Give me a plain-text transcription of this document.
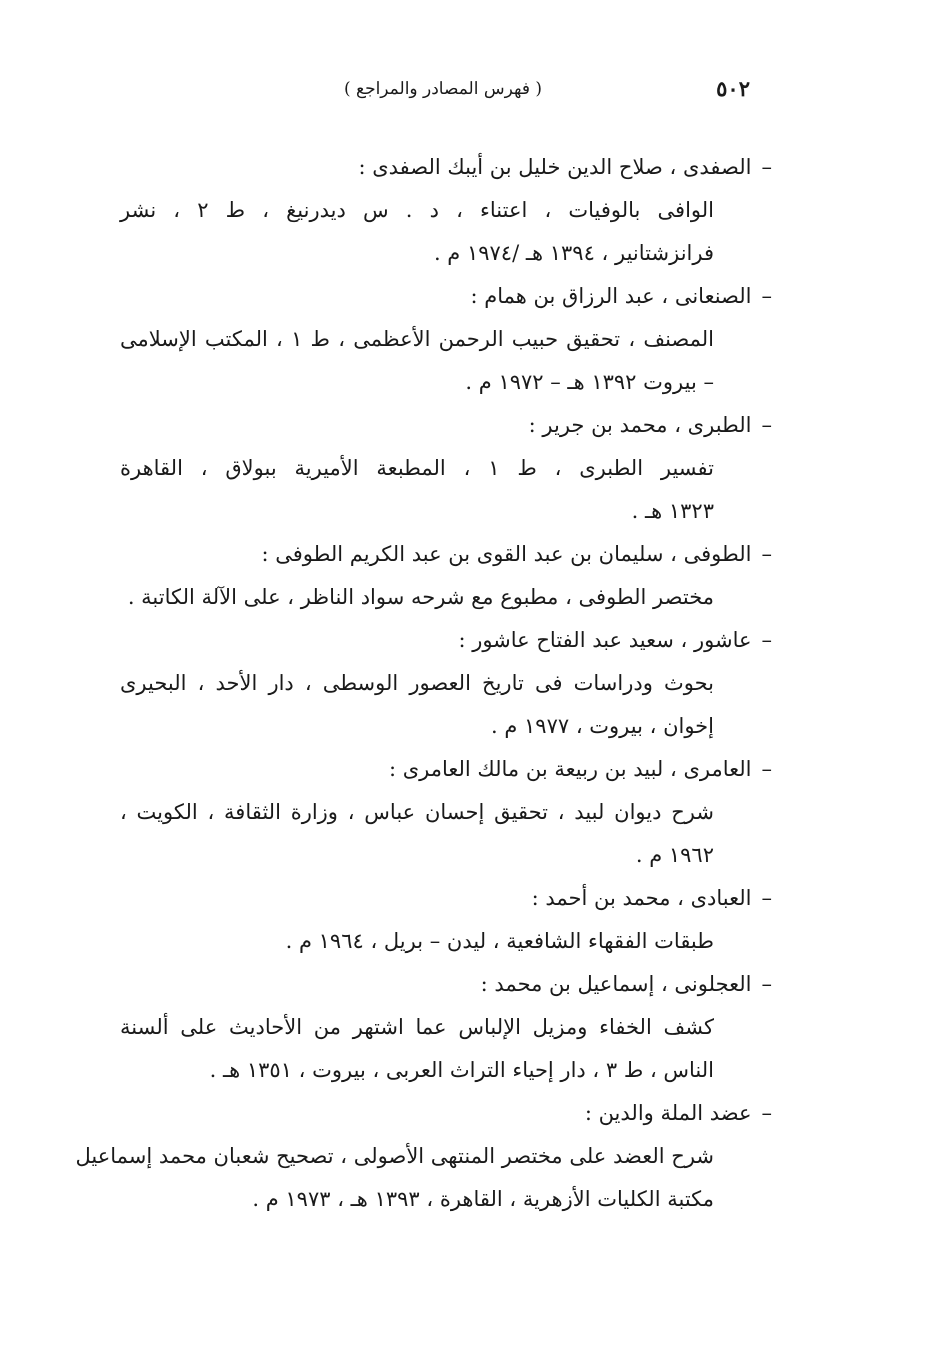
٥٠٢
( فهرس المصادر والمراجع )
–الصفدى ، صلاح الدين خليل بن أيبك الصفدى :
الوافى بالوفيات ، اعتناء ، د . س ديدرنيغ ، ط ٢ ، نشر
فرانزشتانير ، ١٣٩٤ هـ /١٩٧٤ م .
–الصنعانى ، عبد الرزاق بن همام :
المصنف ، تحقيق حبيب الرحمن الأعظمى ، ط ١ ، المكتب الإسلامى
– بيروت ١٣٩٢ هـ – ١٩٧٢ م .
–الطبرى ، محمد بن جرير :
تفسير الطبرى ، ط ١ ، المطبعة الأميرية ببولاق ، القاهرة
١٣٢٣ هـ .
–الطوفى ، سليمان بن عبد القوى بن عبد الكريم الطوفى :
مختصر الطوفى ، مطبوع مع شرحه سواد الناظر ، على الآلة الكاتبة .
–عاشور ، سعيد عبد الفتاح عاشور :
بحوث ودراسات فى تاريخ العصور الوسطى ، دار الأحد ، البحيرى
إخوان ، بيروت ، ١٩٧٧ م .
–العامرى ، لبيد بن ربيعة بن مالك العامرى :
شرح ديوان لبيد ، تحقيق إحسان عباس ، وزارة الثقافة ، الكويت ،
١٩٦٢ م .
–العبادى ، محمد بن أحمد :
طبقات الفقهاء الشافعية ، ليدن – بريل ، ١٩٦٤ م .
–العجلونى ، إسماعيل بن محمد :
كشف الخفاء ومزيل الإلباس عما اشتهر من الأحاديث على ألسنة
الناس ، ط ٣ ، دار إحياء التراث العربى ، بيروت ، ١٣٥١ هـ .
–عضد الملة والدين :
شرح العضد على مختصر المنتهى الأصولى ، تصحيح شعبان محمد إسماعيل
مكتبة الكليات الأزهرية ، القاهرة ، ١٣٩٣ هـ ، ١٩٧٣ م .
